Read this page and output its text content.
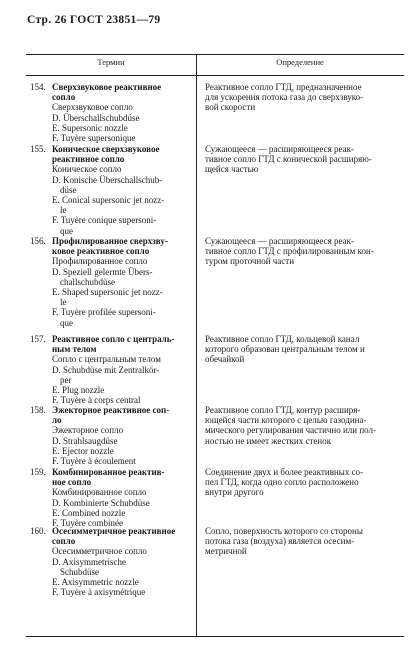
Стр. 26 ГОСТ 23851—79
Термин	Определение
154. Сверхзвуковое реактивное
сопло
Сверхзвуковое сопло
D. Überschallschubdüse
E. Supersonic nozzle
F. Tuyère supersonique
Реактивное сопло ГТД, предназначенное
для ускорения потока газа до сверхзвуко-
вой скорости
155. Коническое сверхзвуковое
реактивное сопло
Коническое сопло
D. Konische Überschallschub-
düse
E. Conical supersonic jet nozz-
le
F. Tuyère conique supersoni-
que
Сужающееся — расширяющееся реак-
тивное сопло ГТД с конической расширяю-
щейся частью
156. Профилированное сверхзву-
ковое реактивное сопло
Профилированное сопло
D. Speziell gelermte Übers-
challschubdüse
E. Shaped supersonic jet nozz-
le
F. Tuyère profilée supersoni-
que
Сужающееся — расширяющееся реак-
тивное сопло ГТД с профилированным кон-
туром проточной части
157. Реактивное сопло с централь-
ным телом
Сопло с центральным телом
D. Schubdüse mit Zentralkör-
per
E. Plug nozzle
F. Tuyère à corps central
Реактивное сопло ГТД, кольцевой канал
которого образован центральным телом и
обечайкой
158. Эжекторное реактивное соп-
ло
Эжекторное сопло
D. Strahlsaugdüse
E. Ejector nozzle
F. Tuyère à écoulement
Реактивное сопло ГТД, контур расширя-
ющейся части которого с целью газодина-
мического регулирования частично или пол-
ностью не имеет жестких стенок
159. Комбинированное реактив-
ное сопло
Комбинированное сопло
D. Kombinierte Schubdüse
E. Combined nozzle
F. Tuyère combinée
Соединение двух и более реактивных со-
пел ГТД, когда одно сопло расположено
внутри другого
160. Осесимметричное реактивное
сопло
Осесимметричное сопло
D. Axisymmetrische
Schubdüse
E. Axisymmetric nozzle
F. Tuyère à axisymétrique
Сопло, поверхность которого со стороны
потока газа (воздуха) является осесим-
метричной
